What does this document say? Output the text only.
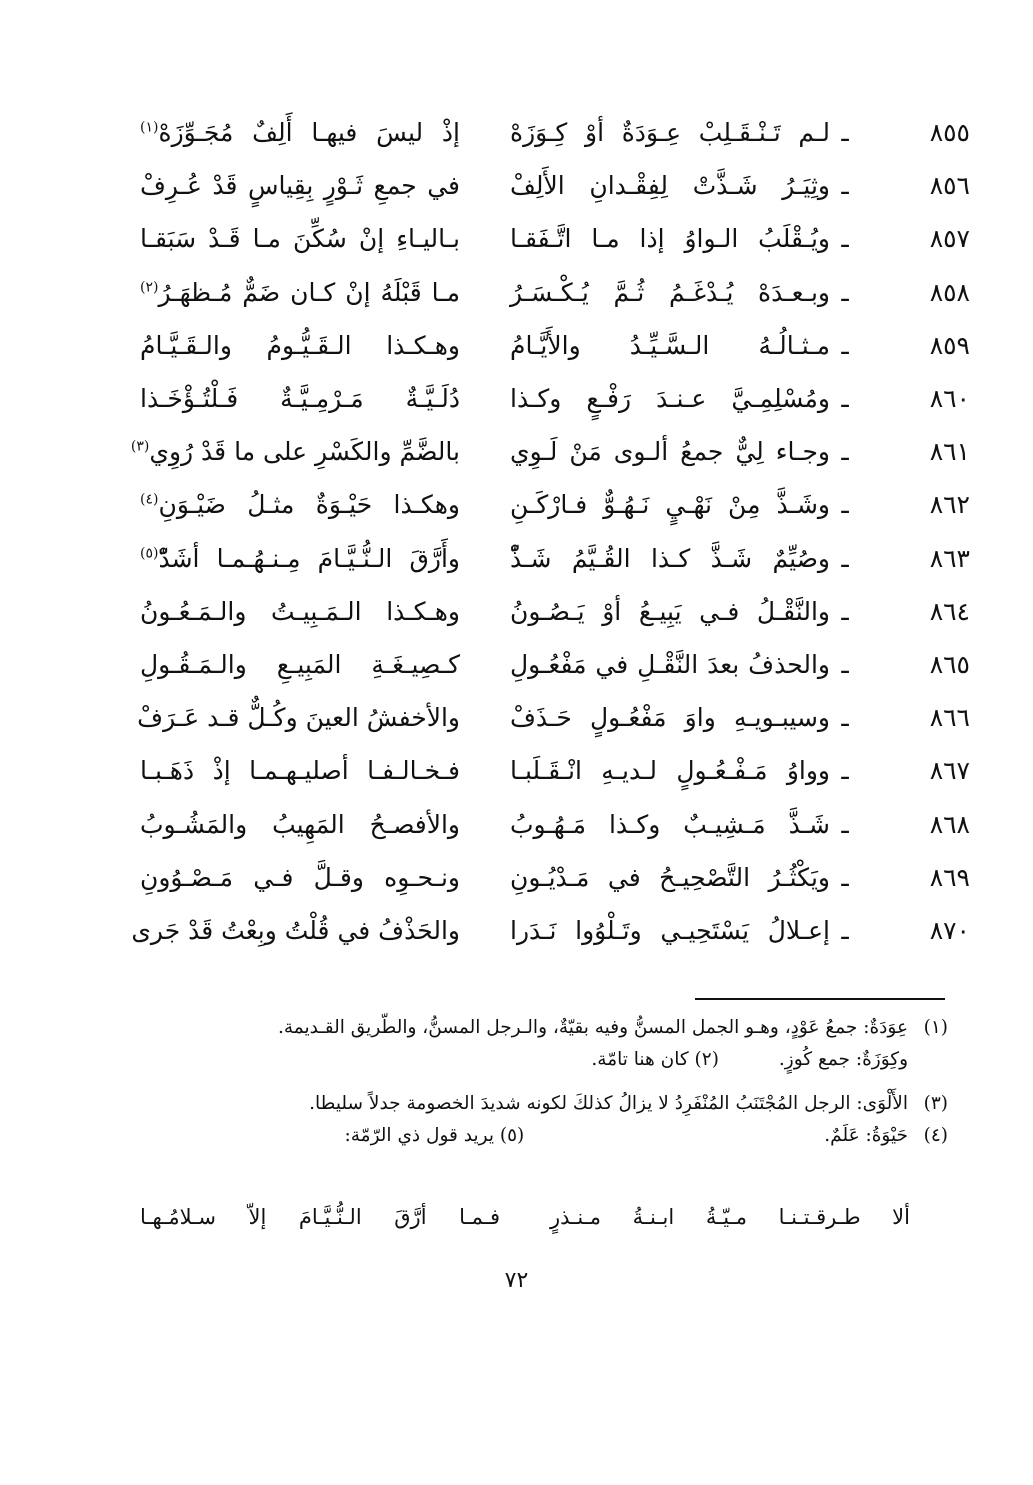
٨٥٥
ـ
لـم تَـنْـقَـلِبْ عِـوَدَةٌ أوْ كِـوَزَهْ
إذْ ليسَ فيهـا أَلِفٌ مُجَـوِّزَهْ$^{(١)}$
٨٥٦
ـ
وثِيَـرُ شَـذَّتْ لِفِقْـدانِ الأَلِفْ
في جمعِ ثَـوْرٍ بِقِياسٍ قَدْ عُـرِفْ
٨٥٧
ـ
ويُـقْلَبُ الـواوُ إذا مـا اتَّـفَقـا
بـاليـاءِ إنْ سُكِّنَ مـا قَـدْ سَبَقـا
٨٥٨
ـ
وبـعـدَهْ يُـدْغَـمُ ثُـمَّ يُـكْـسَـرُ
مـا قَبْلَهُ إنْ كـان ضَمٌّ مُـظهَـرُ$^{(٢)}$
٨٥٩
ـ
مـثـالُـهُ الـسَّـيِّـدُ والأَيَّـامُ
وهـكـذا الـقَـيُّـومُ والـقَـيَّـامُ
٨٦٠
ـ
ومُسْلِمِـيَّ عـنـدَ رَفْـعٍ وكـذا
دُلَـيَّـةٌ مَـرْمِـيَّـةٌ فَـلْتُـؤْخَـذا
٨٦١
ـ
وجـاء لِيٌّ جمعُ ألـوى مَنْ لَـوِي
بالضَّمِّ والكَسْرِ على ما قَدْ رُوِي$^{(٣)}$
٨٦٢
ـ
وشَـذَّ مِنْ نَهْـيٍ نَـهُـوٌّ فـارْكَـنِ
وهكـذا حَيْـوَةٌ مثـلُ ضَيْـوَنِ$^{(٤)}$
٨٦٣
ـ
وصُيِّمٌ شَـذَّ كـذا القُـيَّمُ شَـذّْ
وأَرَّقَ الـنُّـيَّـامَ مِـنـهُـمـا أشَدّْ$^{(٥)}$
٨٦٤
ـ
والنَّقْـلُ فـي يَبِيـعُ أوْ يَـصُـونُ
وهـكـذا الـمَـبِيـتُ والـمَـعُـونُ
٨٦٥
ـ
والحذفُ بعدَ النَّقْـلِ في مَفْعُـولِ
كـصِيـغَـةِ المَبِيـعِ والـمَـقُـولِ
٨٦٦
ـ
وسيبـويـهِ واوَ مَفْعُـولٍ حَـذَفْ
والأخفشُ العينَ وكُـلٌّ قـد عَـرَفْ
٨٦٧
ـ
وواوُ مَـفْـعُـولٍ لـديـهِ انْـقَـلَبـا
فـخـالـفـا أصليـهـمـا إذْ ذَهَـبـا
٨٦٨
ـ
شَـذَّ مَـشِيـبٌ وكـذا مَـهُـوبُ
والأفصـحُ المَهِيبُ والمَشُـوبُ
٨٦٩
ـ
ويَكْثُـرُ التَّصْحِيـحُ في مَـدْيُـونِ
ونـحـوِه وقـلَّ فـي مَـصْـوُونِ
٨٧٠
ـ
إعـلالُ يَسْتَحِيـي وتَـلْوُوا نَـدَرا
والحَذْفُ في قُلْتُ وبِعْتُ قَدْ جَرى
(١)
عِوَدَةٌ: جمعُ عَوْدٍ، وهـو الجمل المسنُّ وفيه بقيّةٌ، والـرجل المسنُّ، والطّريق القـديمة.
وكِوَزَةٌ: جمع كُوزٍ.
(٢) كان هنا تامّة.
(٣)
الأَلْوَى: الرجل المُجْتَنَبُ المُنْفَرِدُ لا يزالُ كذلكَ لكونه شديدَ الخصومة جدلاً سليطا.
(٤)
حَيْوَةُ: عَلَمٌ.
(٥) يريد قول ذي الرّمّة:
ألا طـرقـتـنـا مـيّـةُ ابـنـةُ مـنـذرٍ
فـمـا أرَّقَ الـنُّـيَّـامَ إلاّ سـلامُـهـا
٧٢
